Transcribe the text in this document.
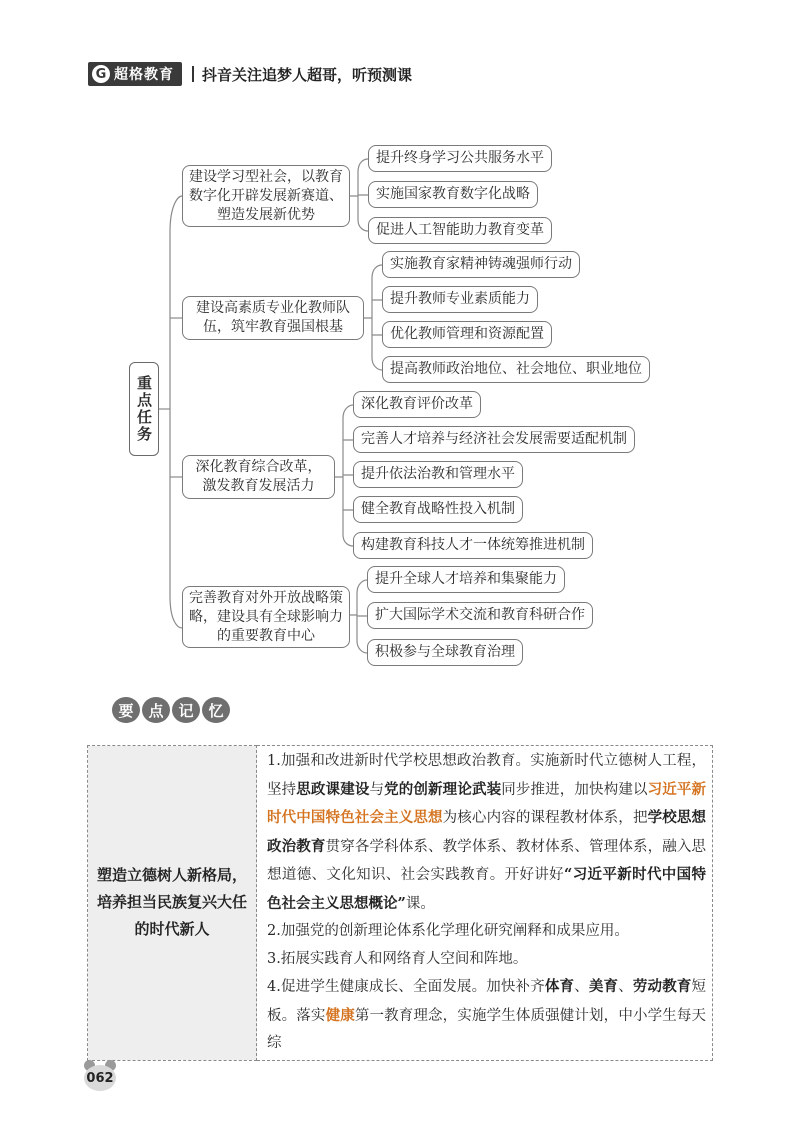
G 超格教育 抖音关注追梦人超哥，听预测课
重点任务
建设学习型社会，以教育数字化开辟发展新赛道、塑造发展新优势
提升终身学习公共服务水平
实施国家教育数字化战略
促进人工智能助力教育变革
建设高素质专业化教师队伍，筑牢教育强国根基
实施教育家精神铸魂强师行动
提升教师专业素质能力
优化教师管理和资源配置
提高教师政治地位、社会地位、职业地位
深化教育综合改革，激发教育发展活力
深化教育评价改革
完善人才培养与经济社会发展需要适配机制
提升依法治教和管理水平
健全教育战略性投入机制
构建教育科技人才一体统筹推进机制
完善教育对外开放战略策略，建设具有全球影响力的重要教育中心
提升全球人才培养和集聚能力
扩大国际学术交流和教育科研合作
积极参与全球教育治理
要 点 记 忆
塑造立德树人新格局，培养担当民族复兴大任的时代新人	

1.加强和改进新时代学校思想政治教育。实施新时代立德树人工程，坚持思政课建设与党的创新理论武装同步推进，加快构建以习近平新时代中国特色社会主义思想为核心内容的课程教材体系，把学校思想政治教育贯穿各学科体系、教学体系、教材体系、管理体系，融入思想道德、文化知识、社会实践教育。开好讲好“习近平新时代中国特色社会主义思想概论”课。

2.加强党的创新理论体系化学理化研究阐释和成果应用。

3.拓展实践育人和网络育人空间和阵地。

4.促进学生健康成长、全面发展。加快补齐体育、美育、劳动教育短板。落实健康第一教育理念，实施学生体质强健计划，中小学生每天综

062
